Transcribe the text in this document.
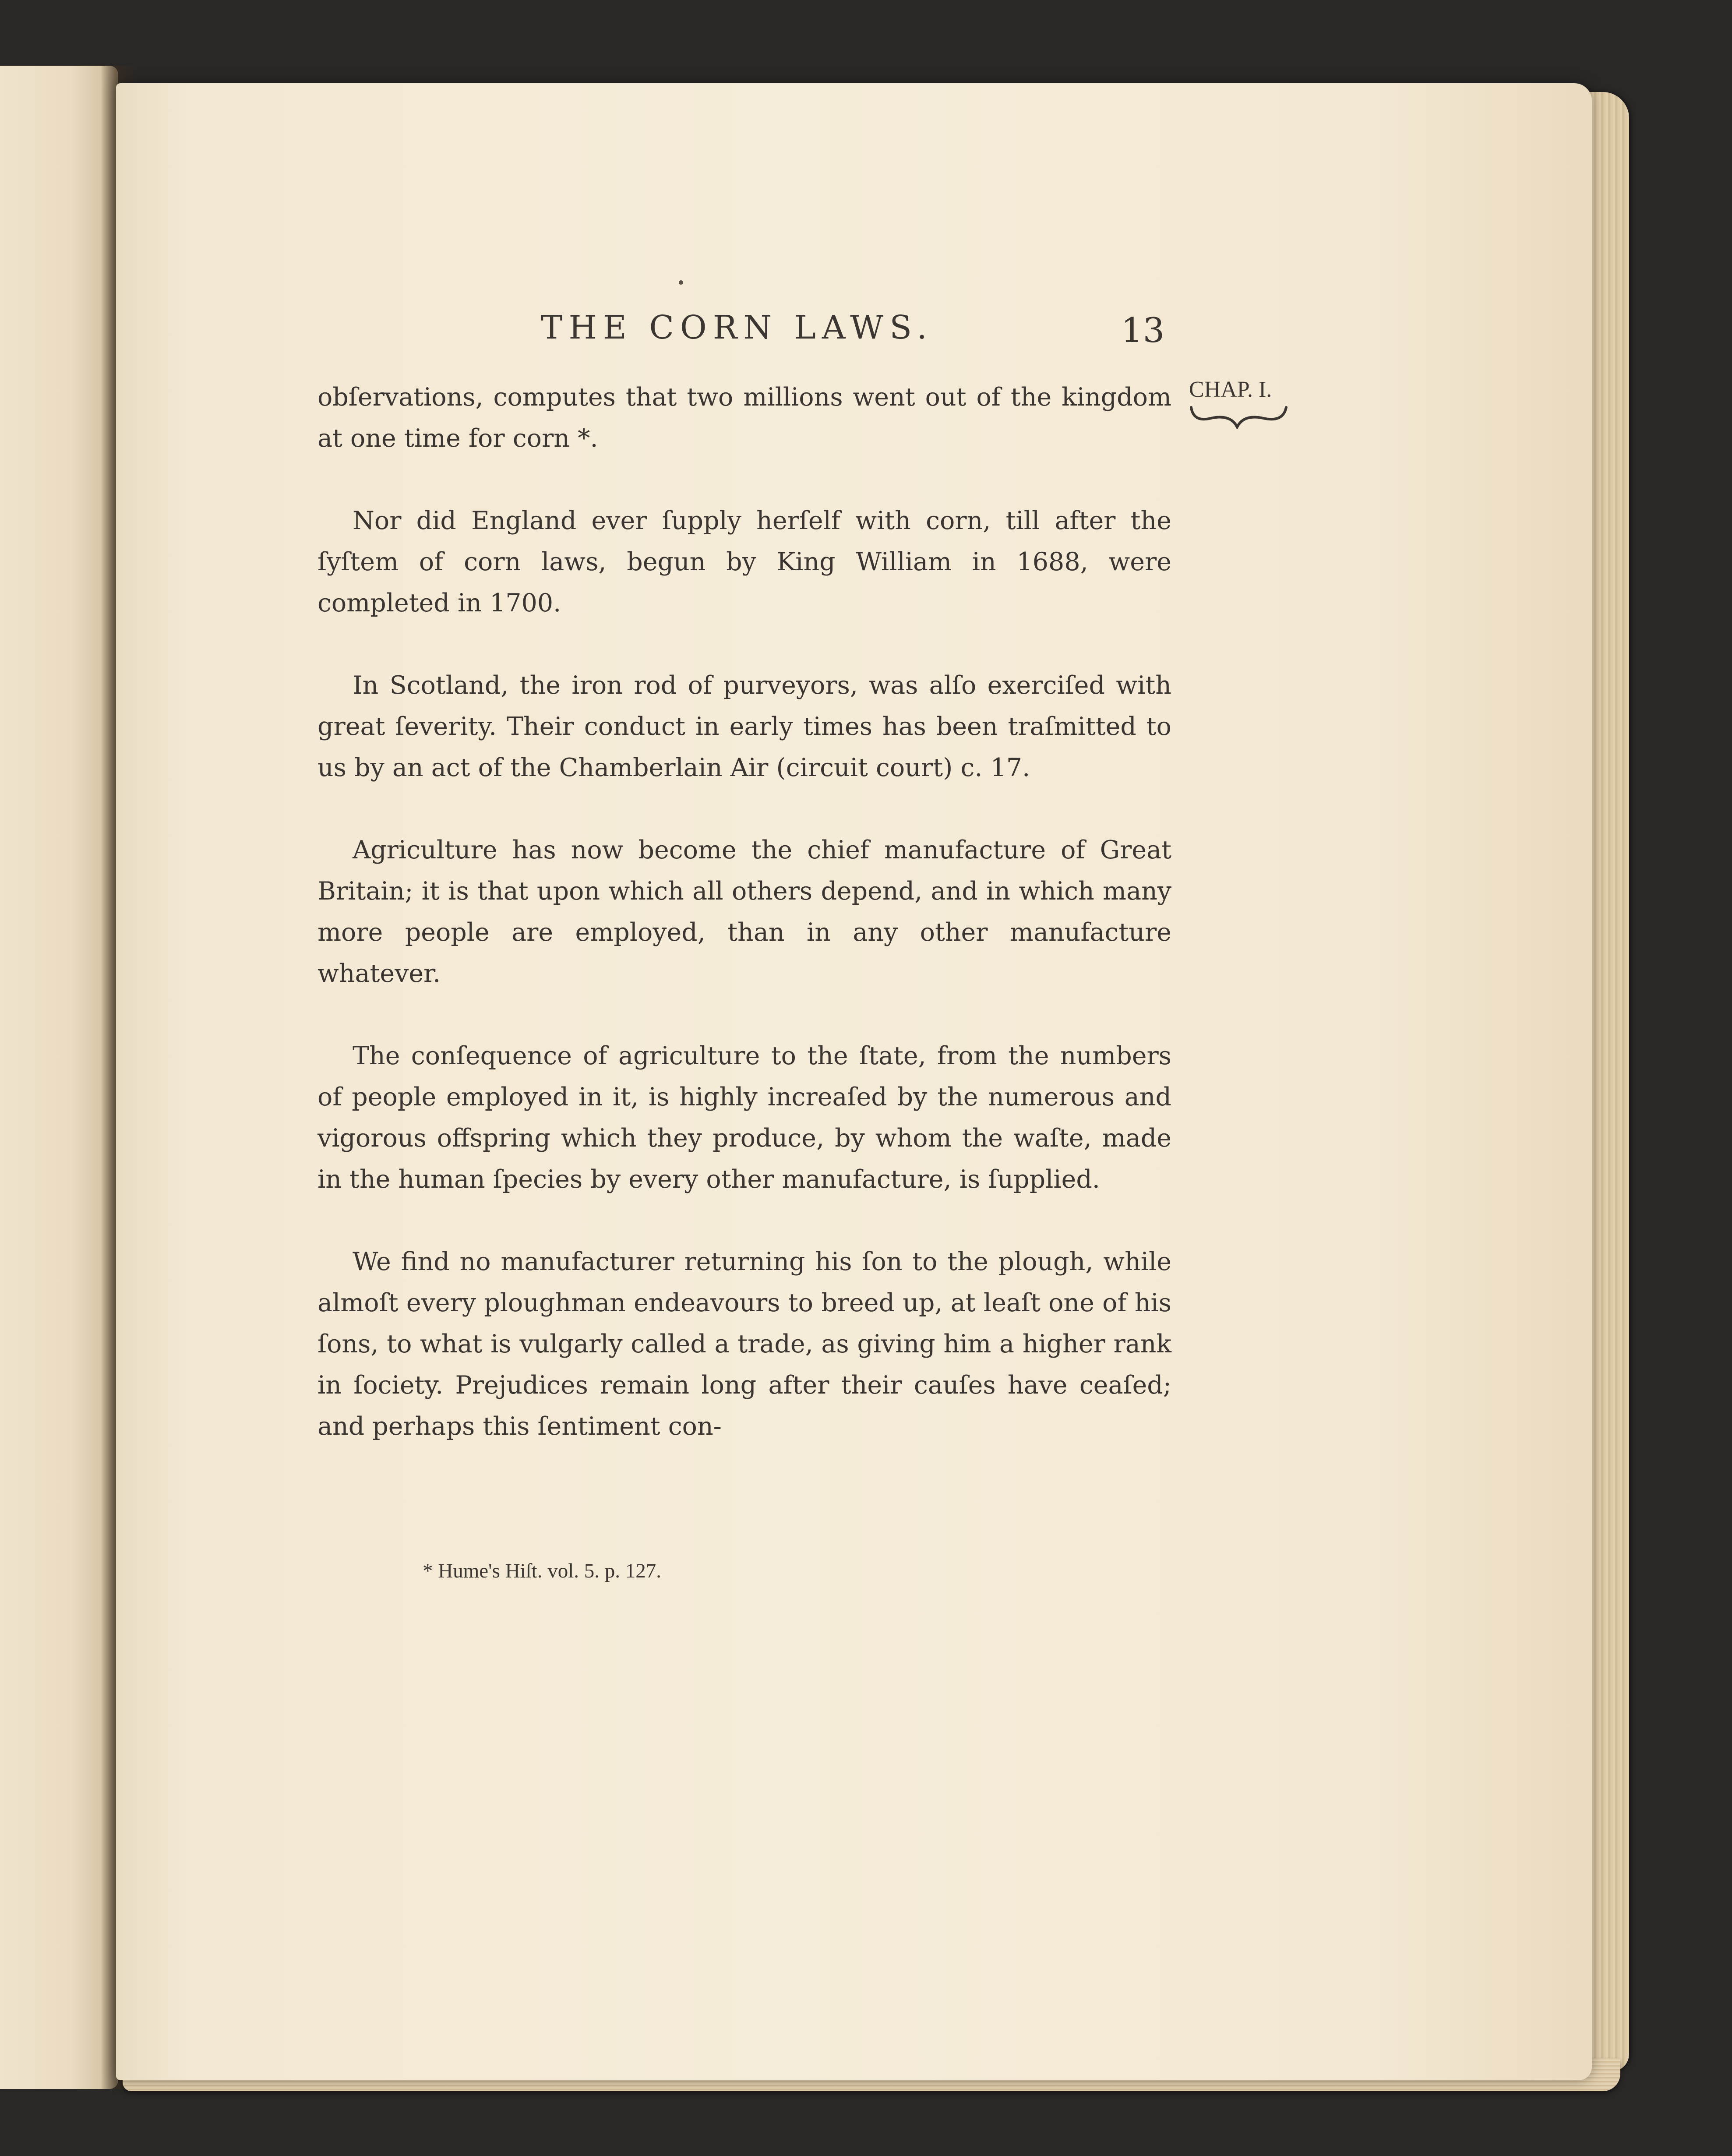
THE CORN LAWS.	13
CHAP. I.

obſervations, computes that two millions went out of the kingdom at one time for corn *.

Nor did England ever ſupply herſelf with corn, till after the ſyſtem of corn laws, begun by King William in 1688, were completed in 1700.

In Scotland, the iron rod of purveyors, was alſo exerciſed with great ſeverity. Their conduct in early times has been traſmitted to us by an act of the Chamberlain Air (circuit court) c. 17.

Agriculture has now become the chief manufacture of Great Britain; it is that upon which all others depend, and in which many more people are employed, than in any other manufacture whatever.

The conſequence of agriculture to the ſtate, from the numbers of people employed in it, is highly increaſed by the numerous and vigorous offspring which they produce, by whom the waſte, made in the human ſpecies by every other manufacture, is ſupplied.

We find no manufacturer returning his ſon to the plough, while almoſt every ploughman endeavours to breed up, at leaſt one of his ſons, to what is vulgarly called a trade, as giving him a higher rank in ſociety. Prejudices remain long after their cauſes have ceaſed; and perhaps this ſentiment con-

* Hume's Hiſt. vol. 5. p. 127.
